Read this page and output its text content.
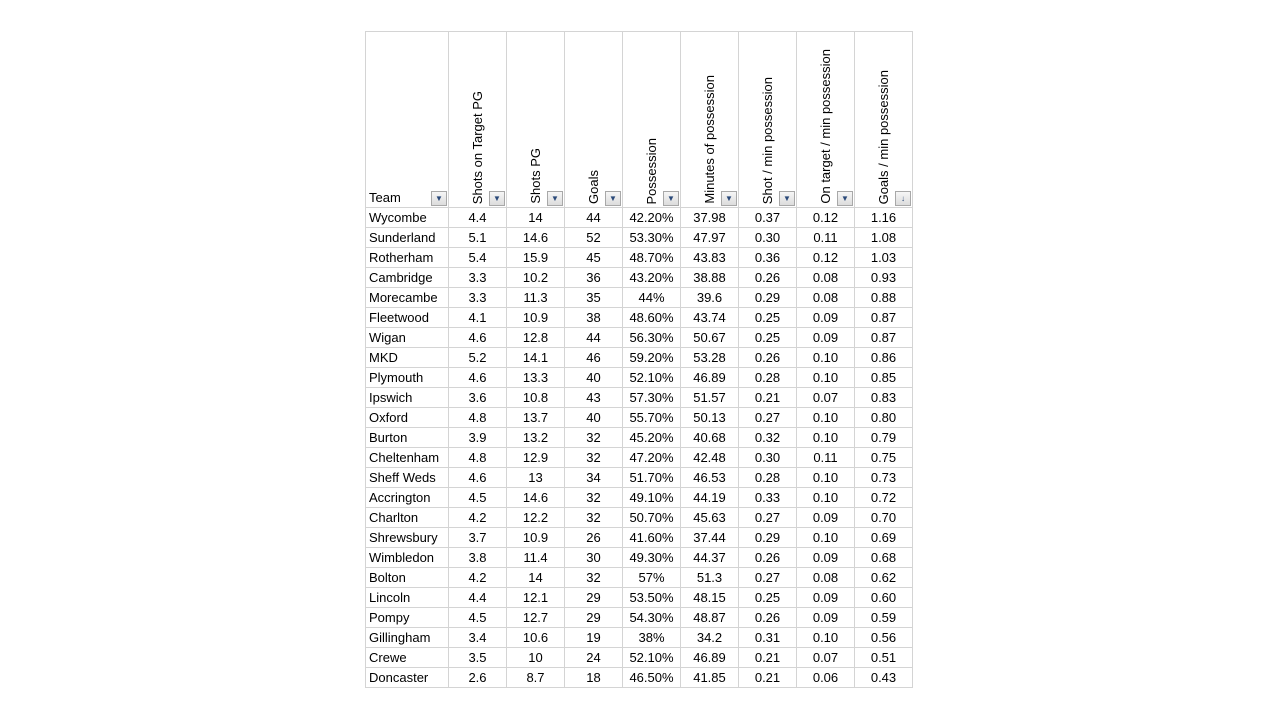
Team ▼	Shots on Target PG ▼	Shots PG ▼	Goals ▼	Possession ▼	Minutes of possession ▼	Shot / min possession ▼	On target / min possession ▼	Goals / min possession ↓

Wycombe	4.4	14	44	42.20%	37.98	0.37	0.12	1.16
Sunderland	5.1	14.6	52	53.30%	47.97	0.30	0.11	1.08
Rotherham	5.4	15.9	45	48.70%	43.83	0.36	0.12	1.03
Cambridge	3.3	10.2	36	43.20%	38.88	0.26	0.08	0.93
Morecambe	3.3	11.3	35	44%	39.6	0.29	0.08	0.88
Fleetwood	4.1	10.9	38	48.60%	43.74	0.25	0.09	0.87
Wigan	4.6	12.8	44	56.30%	50.67	0.25	0.09	0.87
MKD	5.2	14.1	46	59.20%	53.28	0.26	0.10	0.86
Plymouth	4.6	13.3	40	52.10%	46.89	0.28	0.10	0.85
Ipswich	3.6	10.8	43	57.30%	51.57	0.21	0.07	0.83
Oxford	4.8	13.7	40	55.70%	50.13	0.27	0.10	0.80
Burton	3.9	13.2	32	45.20%	40.68	0.32	0.10	0.79
Cheltenham	4.8	12.9	32	47.20%	42.48	0.30	0.11	0.75
Sheff Weds	4.6	13	34	51.70%	46.53	0.28	0.10	0.73
Accrington	4.5	14.6	32	49.10%	44.19	0.33	0.10	0.72
Charlton	4.2	12.2	32	50.70%	45.63	0.27	0.09	0.70
Shrewsbury	3.7	10.9	26	41.60%	37.44	0.29	0.10	0.69
Wimbledon	3.8	11.4	30	49.30%	44.37	0.26	0.09	0.68
Bolton	4.2	14	32	57%	51.3	0.27	0.08	0.62
Lincoln	4.4	12.1	29	53.50%	48.15	0.25	0.09	0.60
Pompy	4.5	12.7	29	54.30%	48.87	0.26	0.09	0.59
Gillingham	3.4	10.6	19	38%	34.2	0.31	0.10	0.56
Crewe	3.5	10	24	52.10%	46.89	0.21	0.07	0.51
Doncaster	2.6	8.7	18	46.50%	41.85	0.21	0.06	0.43
